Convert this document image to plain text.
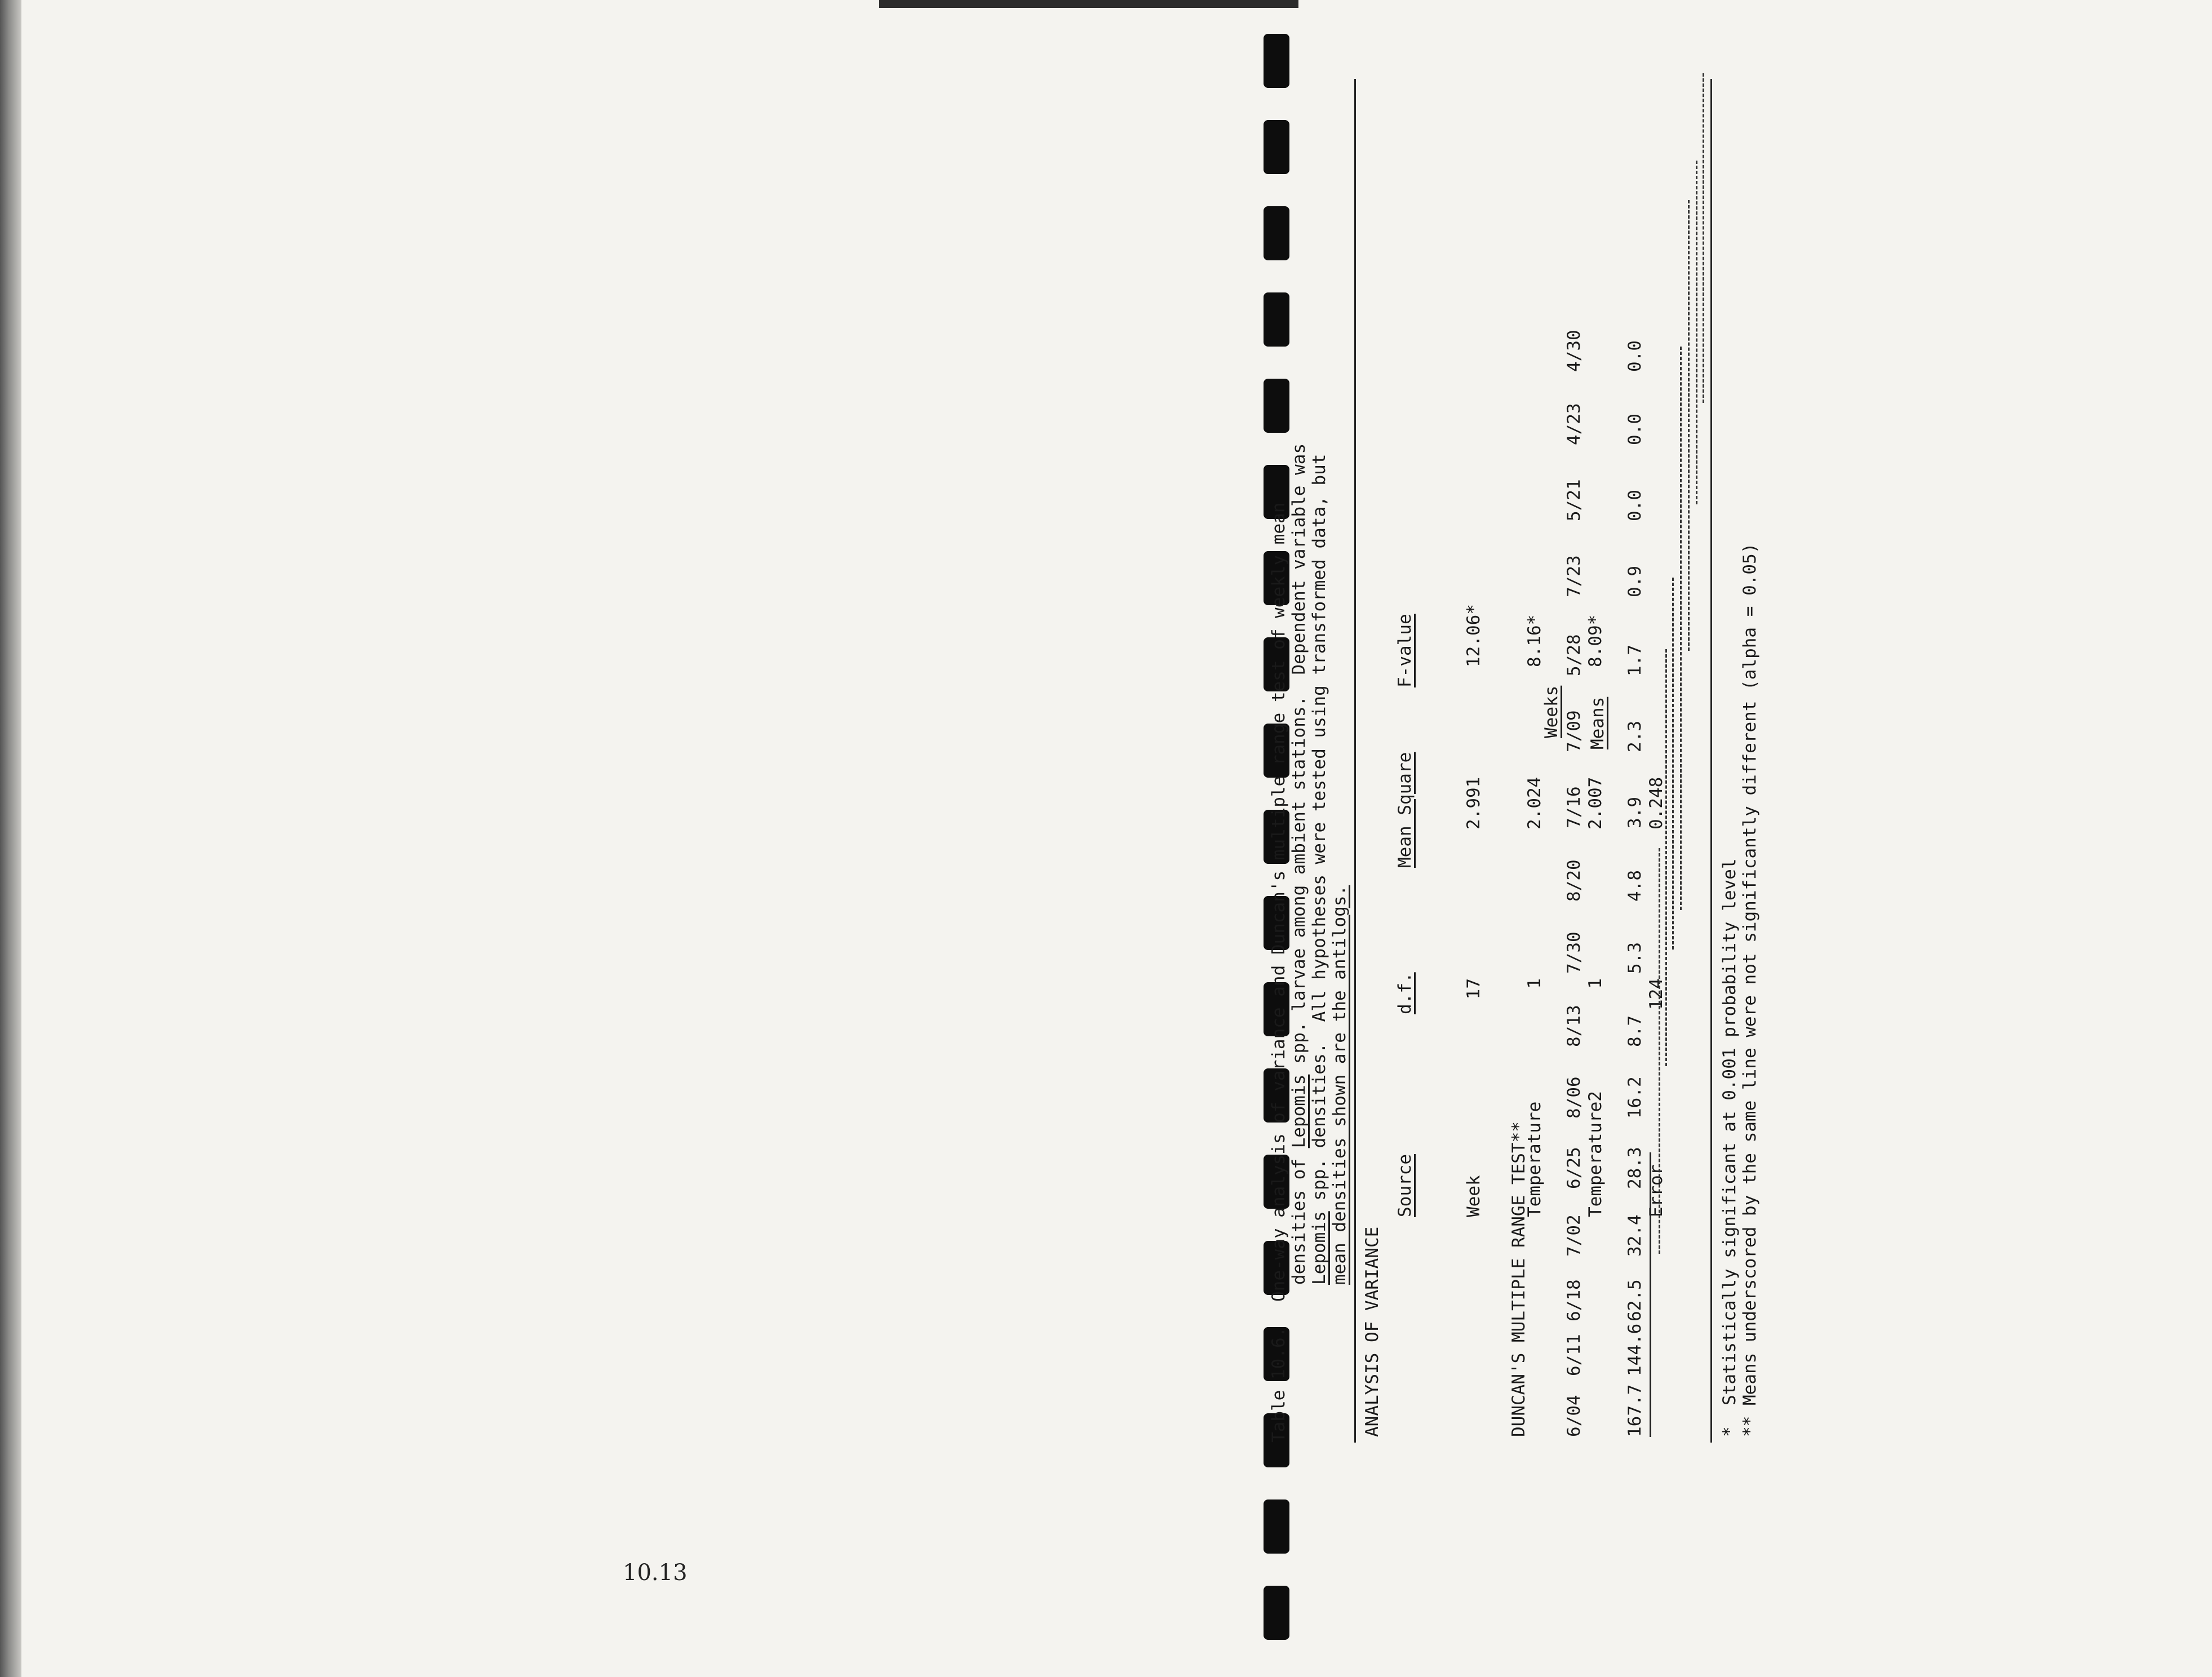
Table 10.6.
One-way analysis of variance and Duncan's multiple range test of weekly mean densities of Lepomis spp. larvae among ambient stations.  Dependent variable was
Lepomis spp. densities.  All hypotheses were tested using transformed data, but mean densities shown are the antilogs.
ANALYSIS OF VARIANCE
Source
d.f.
Mean Square
F-value

Week

Temperature

Temperature2

Error

17

1

1

124

2.991

2.024

2.007

0.248

12.06*

8.16*

8.09*

DUNCAN'S MULTIPLE RANGE TEST**
Weeks
6/04
6/11
6/18
7/02
6/25
8/06
8/13
7/30
8/20
7/16
7/09
5/28
7/23
5/21
4/23
4/30
Means
167.7
144.6
62.5
32.4
28.3
16.2
8.7
5.3
4.8
3.9
2.3
1.7
0.9
0.0
0.0
0.0
*  Statistically significant at 0.001 probability level ** Means underscored by the same line were not significantly different (alpha = 0.05)
10.13
